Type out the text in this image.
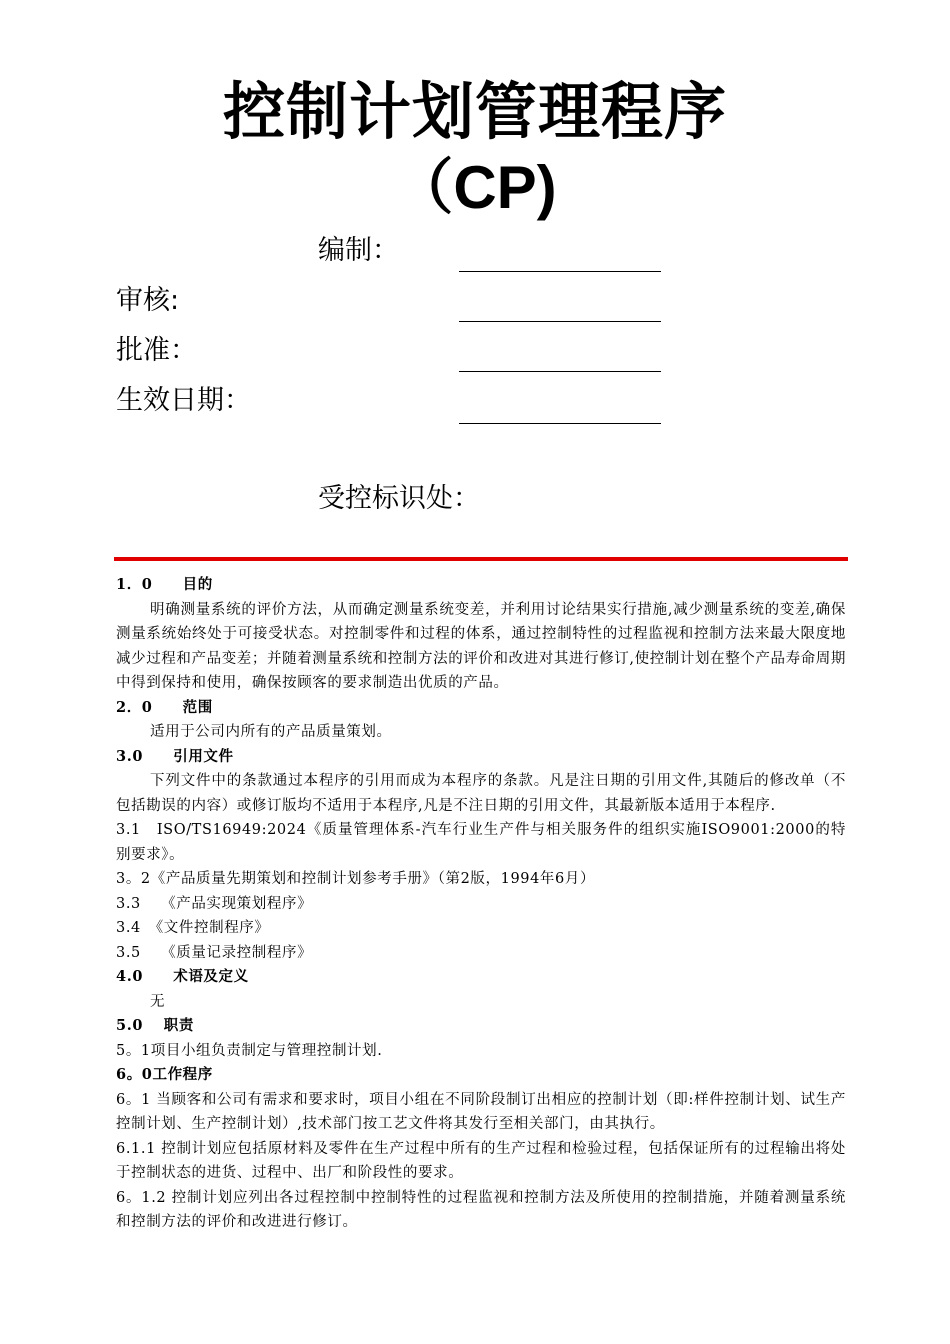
控制计划管理程序
（CP)
编制：
审核:
批准：
生效日期：
受控标识处：

1．0　　目的

明确测量系统的评价方法，从而确定测量系统变差，并利用讨论结果实行措施,减少测量系统的变差,确保测量系统始终处于可接受状态。对控制零件和过程的体系，通过控制特性的过程监视和控制方法来最大限度地减少过程和产品变差；并随着测量系统和控制方法的评价和改进对其进行修订,使控制计划在整个产品寿命周期中得到保持和使用，确保按顾客的要求制造出优质的产品。

2．0　　范围

适用于公司内所有的产品质量策划。

3.0　　引用文件

下列文件中的条款通过本程序的引用而成为本程序的条款。凡是注日期的引用文件,其随后的修改单（不包括勘误的内容）或修订版均不适用于本程序,凡是不注日期的引用文件，其最新版本适用于本程序.

3.1　ISO/TS16949:2024《质量管理体系-汽车行业生产件与相关服务件的组织实施ISO9001:2000的特别要求》。

3。2《产品质量先期策划和控制计划参考手册》（第2版，1994年6月）

3.3　 《产品实现策划程序》

3.4　《文件控制程序》

3.5　 《质量记录控制程序》

4.0　　术语及定义

无

5.0　 职责

5。1项目小组负责制定与管理控制计划.

6。0工作程序

6。1 当顾客和公司有需求和要求时，项目小组在不同阶段制订出相应的控制计划（即:样件控制计划、试生产控制计划、生产控制计划）,技术部门按工艺文件将其发行至相关部门，由其执行。

6.1.1 控制计划应包括原材料及零件在生产过程中所有的生产过程和检验过程，包括保证所有的过程输出将处于控制状态的进货、过程中、出厂和阶段性的要求。

6。1.2 控制计划应列出各过程控制中控制特性的过程监视和控制方法及所使用的控制措施，并随着测量系统和控制方法的评价和改进进行修订。
